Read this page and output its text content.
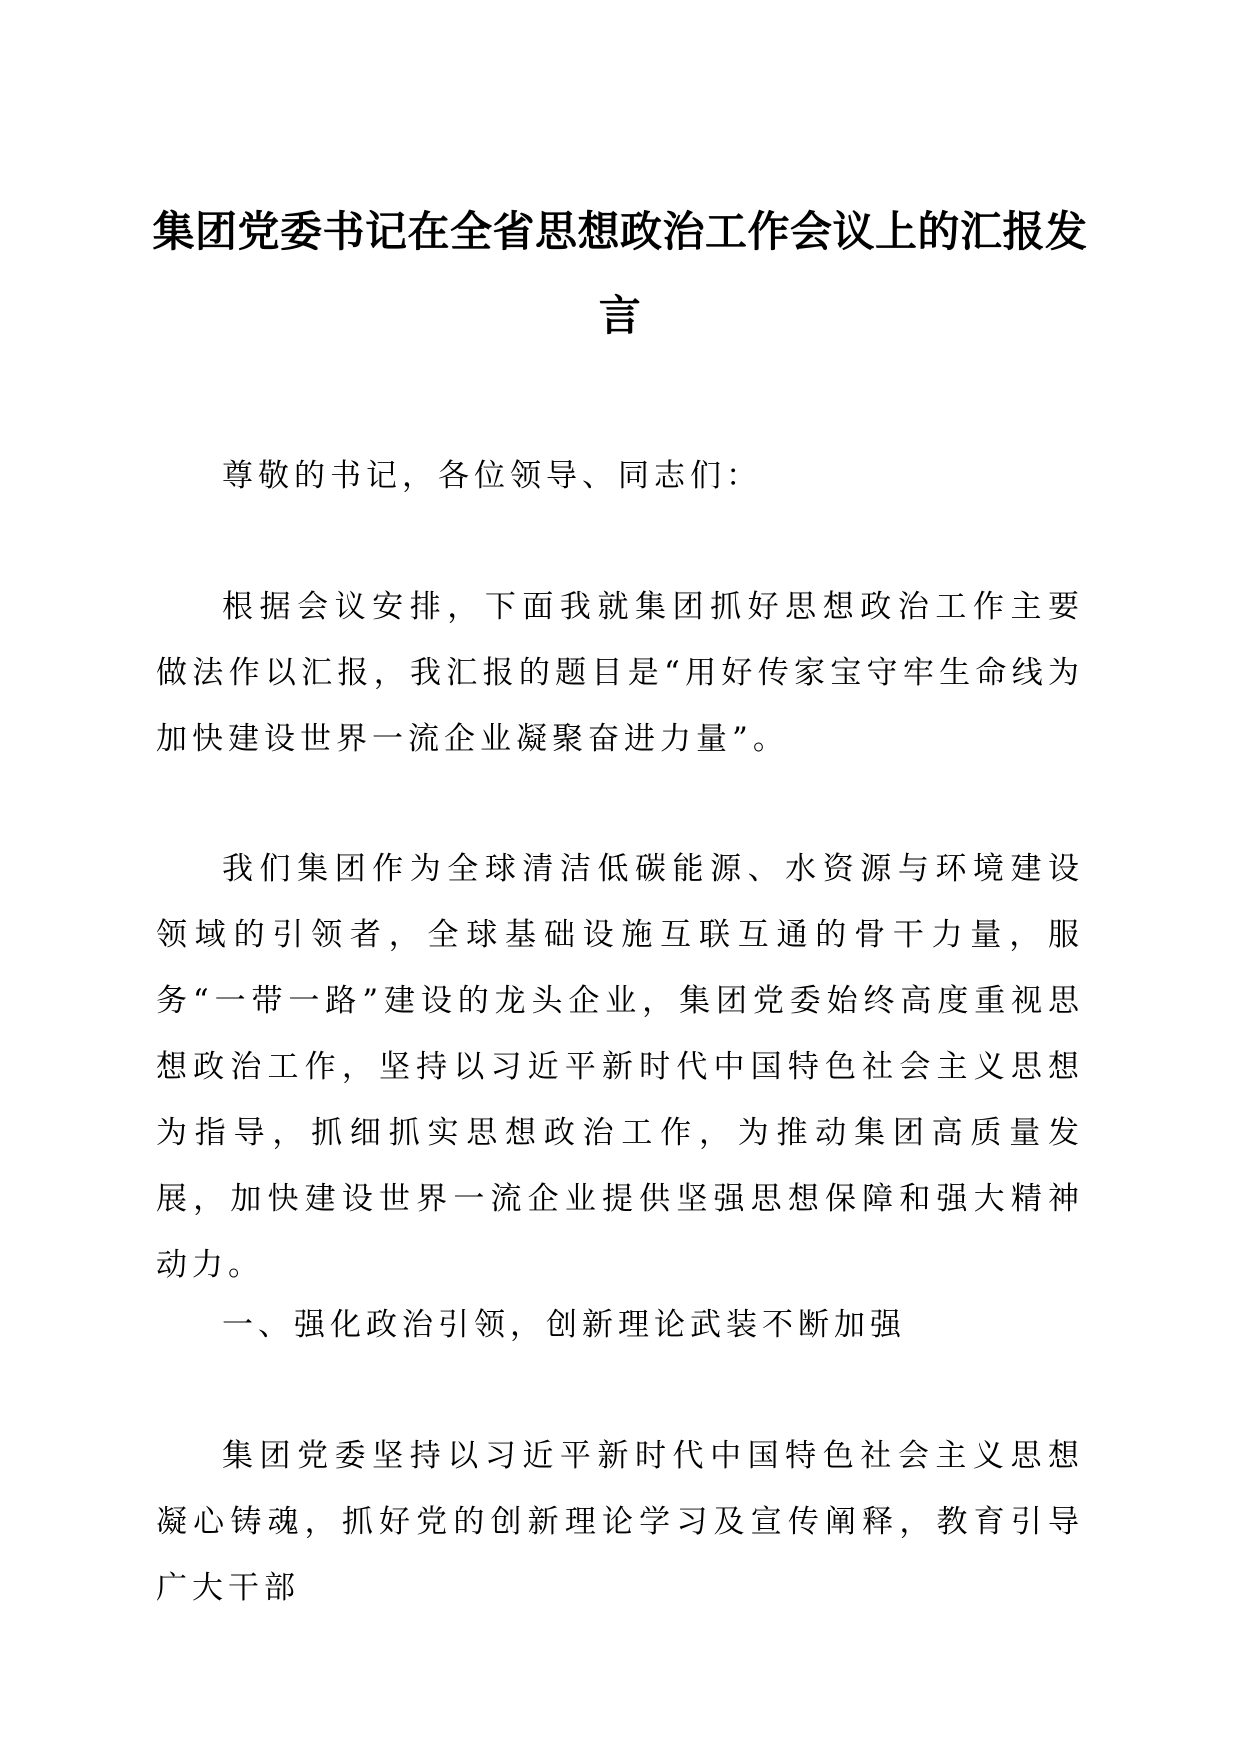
集团党委书记在全省思想政治工作会议上的汇报发言

尊敬的书记，各位领导、同志们：

根据会议安排，下面我就集团抓好思想政治工作主要做法作以汇报，我汇报的题目是“用好传家宝守牢生命线为加快建设世界一流企业凝聚奋进力量”。

我们集团作为全球清洁低碳能源、水资源与环境建设领域的引领者，全球基础设施互联互通的骨干力量，服务“一带一路”建设的龙头企业，集团党委始终高度重视思想政治工作，坚持以习近平新时代中国特色社会主义思想为指导，抓细抓实思想政治工作，为推动集团高质量发展，加快建设世界一流企业提供坚强思想保障和强大精神动力。

一、强化政治引领，创新理论武装不断加强

集团党委坚持以习近平新时代中国特色社会主义思想凝心铸魂，抓好党的创新理论学习及宣传阐释，教育引导广大干部
